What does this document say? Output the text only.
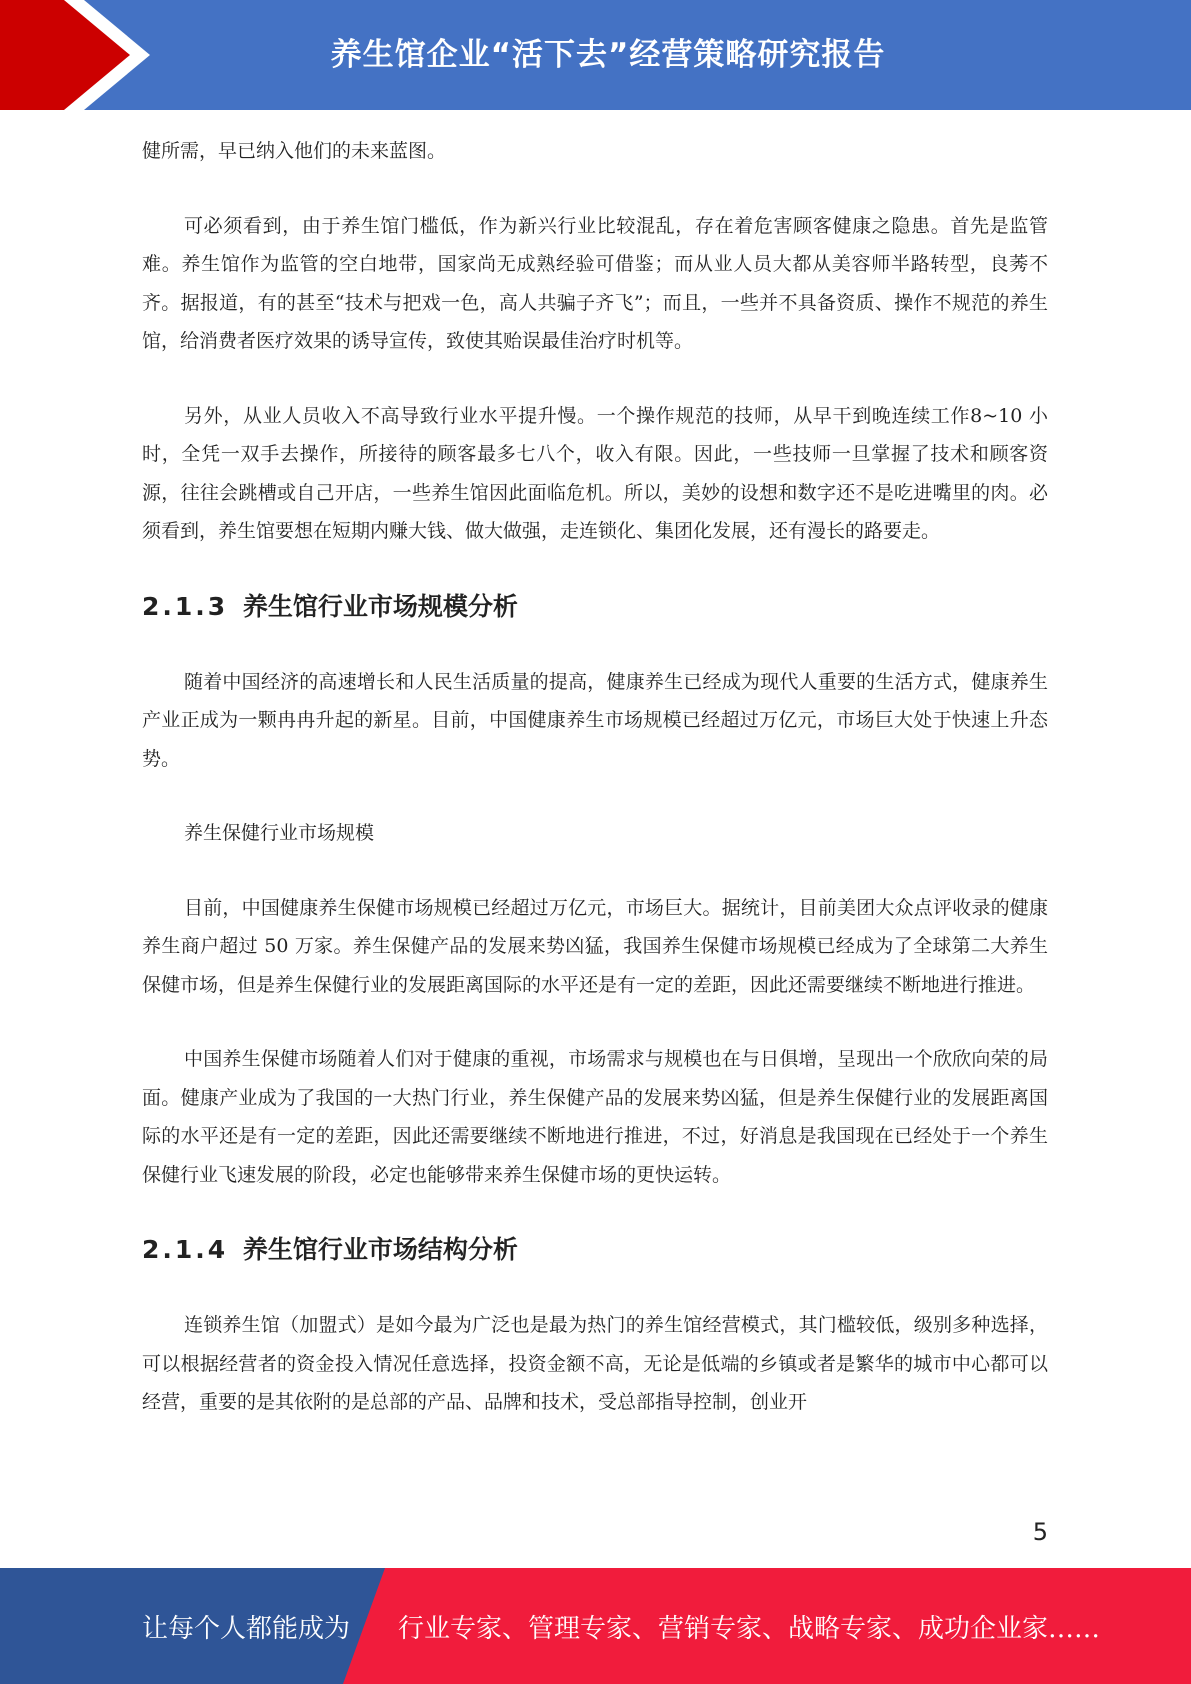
养生馆企业“活下去”经营策略研究报告

健所需，早已纳入他们的未来蓝图。

可必须看到，由于养生馆门槛低，作为新兴行业比较混乱，存在着危害顾客健康之隐患。首先是监管难。养生馆作为监管的空白地带，国家尚无成熟经验可借鉴；而从业人员大都从美容师半路转型，良莠不齐。据报道，有的甚至“技术与把戏一色，高人共骗子齐飞”；而且，一些并不具备资质、操作不规范的养生馆，给消费者医疗效果的诱导宣传，致使其贻误最佳治疗时机等。

另外，从业人员收入不高导致行业水平提升慢。一个操作规范的技师，从早干到晚连续工作8~10 小时，全凭一双手去操作，所接待的顾客最多七八个，收入有限。因此，一些技师一旦掌握了技术和顾客资源，往往会跳槽或自己开店，一些养生馆因此面临危机。所以，美妙的设想和数字还不是吃进嘴里的肉。必须看到，养生馆要想在短期内赚大钱、做大做强，走连锁化、集团化发展，还有漫长的路要走。

2.1.3 养生馆行业市场规模分析

随着中国经济的高速增长和人民生活质量的提高，健康养生已经成为现代人重要的生活方式，健康养生产业正成为一颗冉冉升起的新星。目前，中国健康养生市场规模已经超过万亿元，市场巨大处于快速上升态势。

养生保健行业市场规模

目前，中国健康养生保健市场规模已经超过万亿元，市场巨大。据统计，目前美团大众点评收录的健康养生商户超过 50 万家。养生保健产品的发展来势凶猛，我国养生保健市场规模已经成为了全球第二大养生保健市场，但是养生保健行业的发展距离国际的水平还是有一定的差距，因此还需要继续不断地进行推进。

中国养生保健市场随着人们对于健康的重视，市场需求与规模也在与日俱增，呈现出一个欣欣向荣的局面。健康产业成为了我国的一大热门行业，养生保健产品的发展来势凶猛，但是养生保健行业的发展距离国际的水平还是有一定的差距，因此还需要继续不断地进行推进，不过，好消息是我国现在已经处于一个养生保健行业飞速发展的阶段，必定也能够带来养生保健市场的更快运转。

2.1.4 养生馆行业市场结构分析

连锁养生馆（加盟式）是如今最为广泛也是最为热门的养生馆经营模式，其门槛较低，级别多种选择，可以根据经营者的资金投入情况任意选择，投资金额不高，无论是低端的乡镇或者是繁华的城市中心都可以经营，重要的是其依附的是总部的产品、品牌和技术，受总部指导控制，创业开

5
让每个人都能成为 行业专家、管理专家、营销专家、战略专家、成功企业家……
